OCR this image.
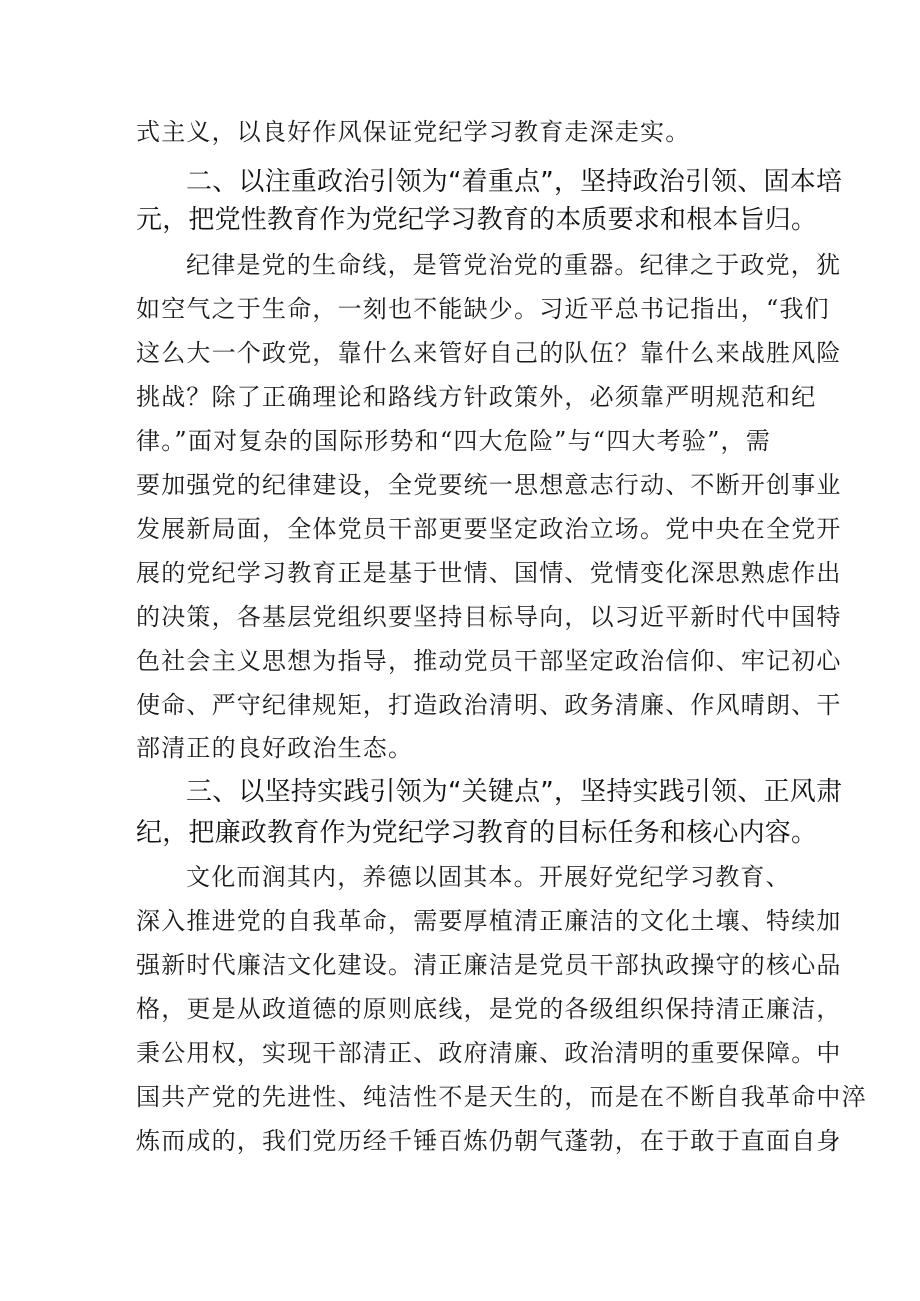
式主义，以良好作风保证党纪学习教育走深走实。
二、以注重政治引领为“着重点”，坚持政治引领、固本培
元，把党性教育作为党纪学习教育的本质要求和根本旨归。
纪律是党的生命线，是管党治党的重器。纪律之于政党，犹
如空气之于生命，一刻也不能缺少。习近平总书记指出，“我们
这么大一个政党，靠什么来管好自己的队伍？靠什么来战胜风险
挑战？除了正确理论和路线方针政策外，必须靠严明规范和纪
律。”面对复杂的国际形势和“四大危险”与“四大考验”，需
要加强党的纪律建设，全党要统一思想意志行动、不断开创事业
发展新局面，全体党员干部更要坚定政治立场。党中央在全党开
展的党纪学习教育正是基于世情、国情、党情变化深思熟虑作出
的决策，各基层党组织要坚持目标导向，以习近平新时代中国特
色社会主义思想为指导，推动党员干部坚定政治信仰、牢记初心
使命、严守纪律规矩，打造政治清明、政务清廉、作风晴朗、干
部清正的良好政治生态。
三、以坚持实践引领为“关键点”，坚持实践引领、正风肃
纪，把廉政教育作为党纪学习教育的目标任务和核心内容。
文化而润其内，养德以固其本。开展好党纪学习教育、
深入推进党的自我革命，需要厚植清正廉洁的文化土壤、特续加
强新时代廉洁文化建设。清正廉洁是党员干部执政操守的核心品
格，更是从政道德的原则底线，是党的各级组织保持清正廉洁，
秉公用权，实现干部清正、政府清廉、政治清明的重要保障。中
国共产党的先进性、纯洁性不是天生的，而是在不断自我革命中淬
炼而成的，我们党历经千锤百炼仍朝气蓬勃，在于敢于直面自身
